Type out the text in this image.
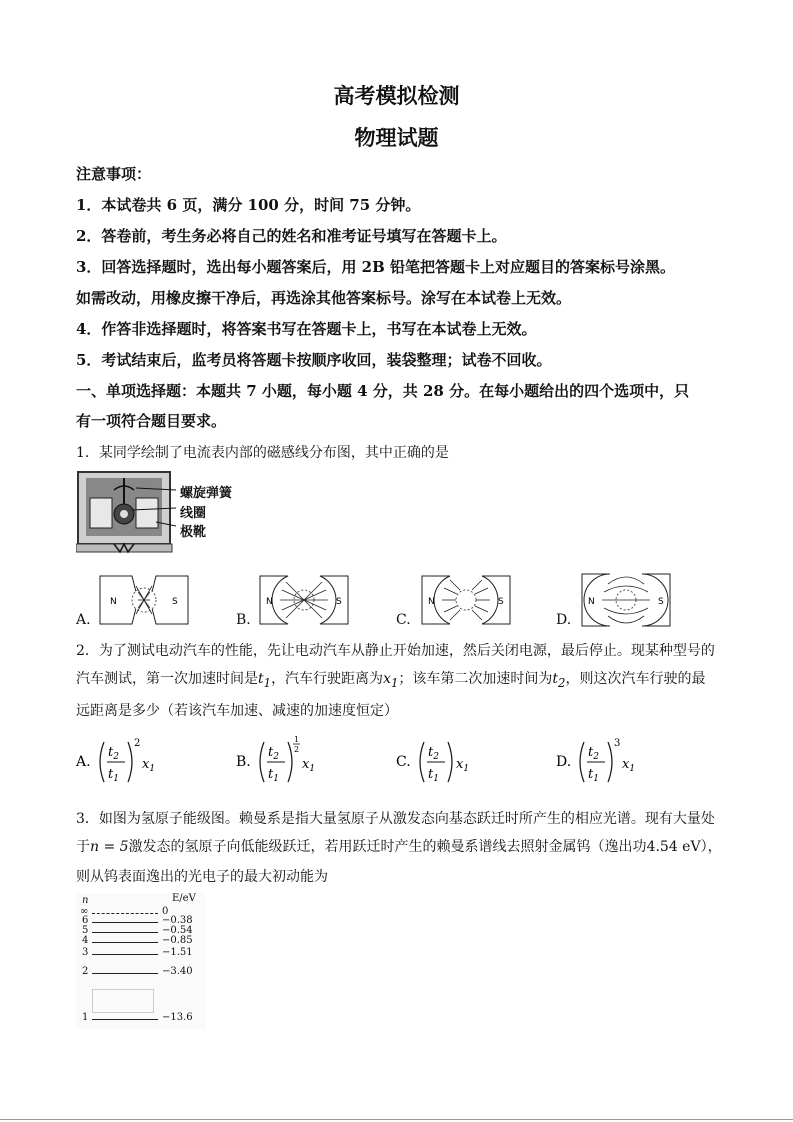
高考模拟检测
物理试题
注意事项：
1．本试卷共 6 页，满分 100 分，时间 75 分钟。
2．答卷前，考生务必将自己的姓名和准考证号填写在答题卡上。
3．回答选择题时，选出每小题答案后，用 2B 铅笔把答题卡上对应题目的答案标号涂黑。
如需改动，用橡皮擦干净后，再选涂其他答案标号。涂写在本试卷上无效。
4．作答非选择题时，将答案书写在答题卡上，书写在本试卷上无效。
5．考试结束后，监考员将答题卡按顺序收回，装袋整理；试卷不回收。
一、单项选择题：本题共 7 小题，每小题 4 分，共 28 分。在每小题给出的四个选项中，只
有一项符合题目要求。
1．某同学绘制了电流表内部的磁感线分布图，其中正确的是
螺旋弹簧
线圈
极靴
A.
N	S
B.
N	S
C.
N	S
D.
N	S
2．为了测试电动汽车的性能，先让电动汽车从静止开始加速，然后关闭电源，最后停止。现某种型号的
汽车测试，第一次加速时间是$t_1$，汽车行驶距离为$x_1$；该车第二次加速时间为$t_2$，则这次汽车行驶的最
远距离是多少（若该汽车加速、减速的加速度恒定）
A.
$t_2$
$t_1$
2
$x_1$	B.
$t_2$
$t_1$
1
2
$x_1$	C.
$t_2$
$t_1$
$x_1$	D.
$t_2$
$t_1$
3
$x_1$
3．如图为氢原子能级图。赖曼系是指大量氢原子从激发态向基态跃迁时所产生的相应光谱。现有大量处
于n = 5激发态的氢原子向低能级跃迁，若用跃迁时产生的赖曼系谱线去照射金属钨（逸出功4.54 eV），
则从钨表面逸出的光电子的最大初动能为
n	E/eV
∞	0
6	−0.38
5	−0.54
4	−0.85
3	−1.51
2	−3.40
1	−13.6
